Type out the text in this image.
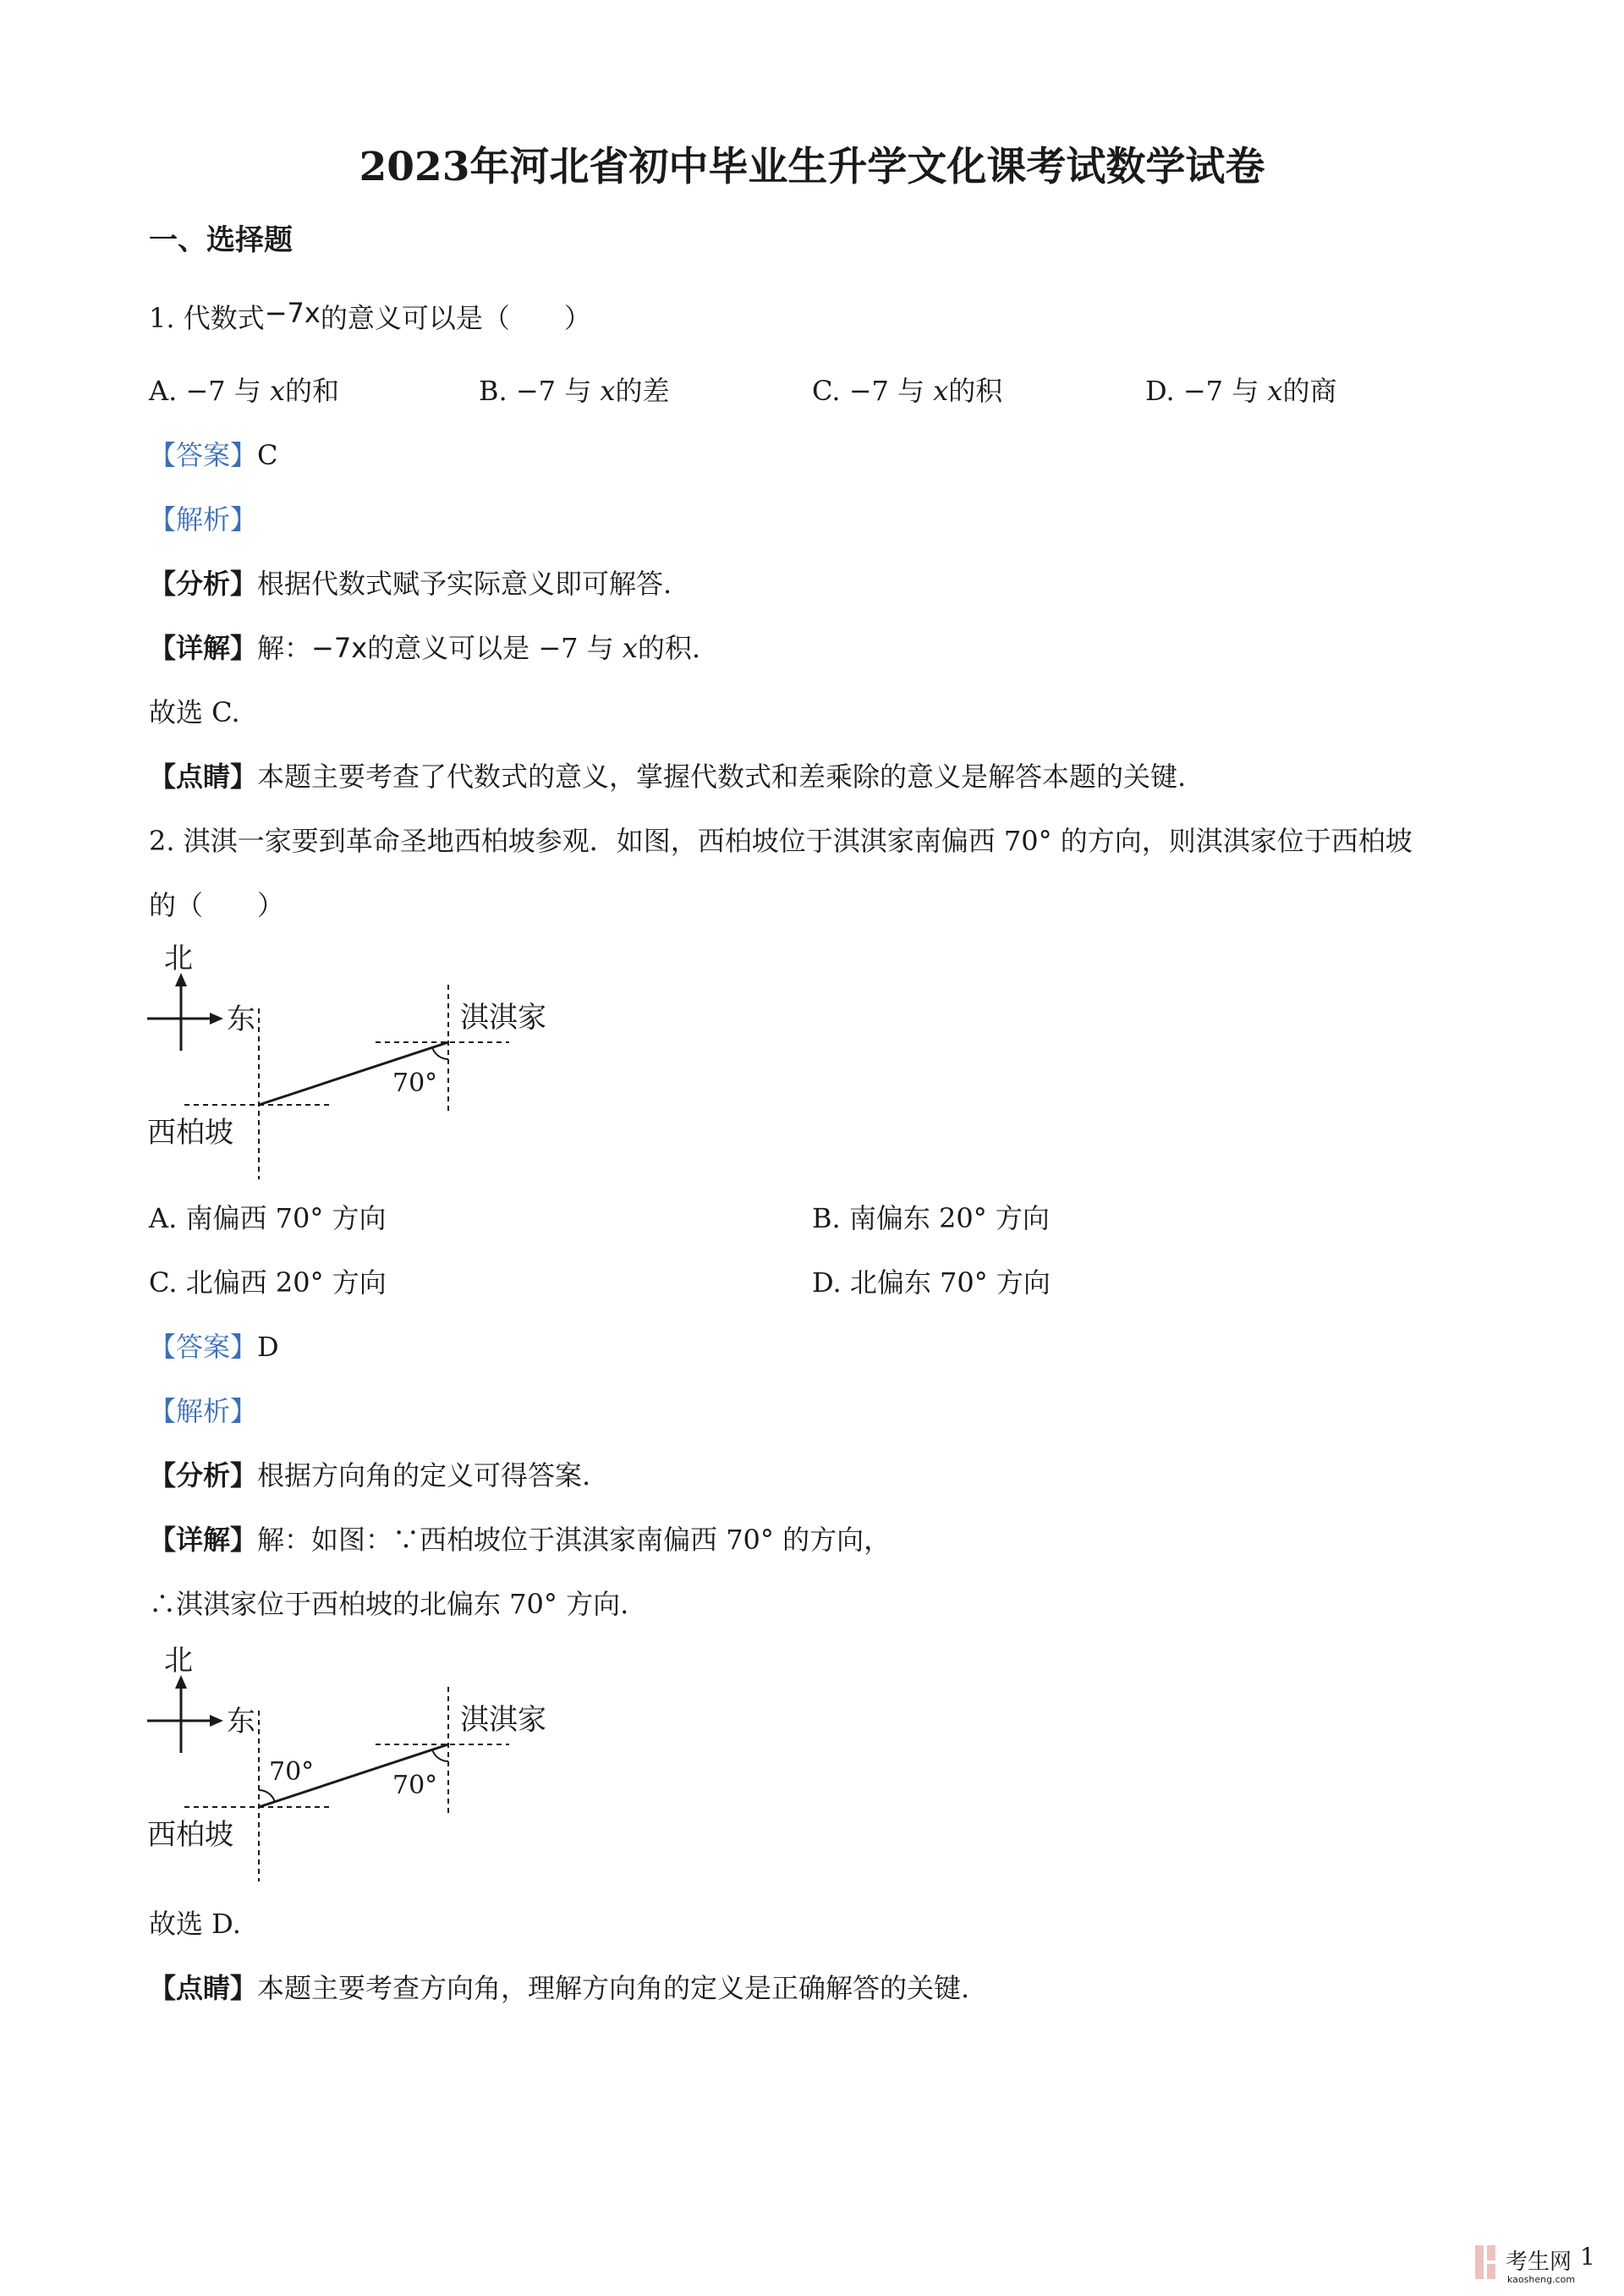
2023年河北省初中毕业生升学文化课考试数学试卷
一、选择题
1. 代数式−7x的意义可以是（　　）
A. −7 与 x的和	B. −7 与 x的差	C. −7 与 x的积	D. −7 与 x的商
【答案】C
【解析】
【分析】根据代数式赋予实际意义即可解答.
【详解】解：−7x的意义可以是 −7 与 x的积.
故选 C.
【点睛】本题主要考查了代数式的意义，掌握代数式和差乘除的意义是解答本题的关键.
2. 淇淇一家要到革命圣地西柏坡参观．如图，西柏坡位于淇淇家南偏西 70° 的方向，则淇淇家位于西柏坡
的（　　）
北
东	淇淇家
70°
西柏坡
A. 南偏西 70° 方向	B. 南偏东 20° 方向
C. 北偏西 20° 方向	D. 北偏东 70° 方向
【答案】D
【解析】
【分析】根据方向角的定义可得答案.
【详解】解：如图：∵西柏坡位于淇淇家南偏西 70° 的方向，
∴淇淇家位于西柏坡的北偏东 70° 方向.
北
东	淇淇家
70°	70°
西柏坡
故选 D.
【点睛】本题主要考查方向角，理解方向角的定义是正确解答的关键.
1
考生网
kaosheng.com
